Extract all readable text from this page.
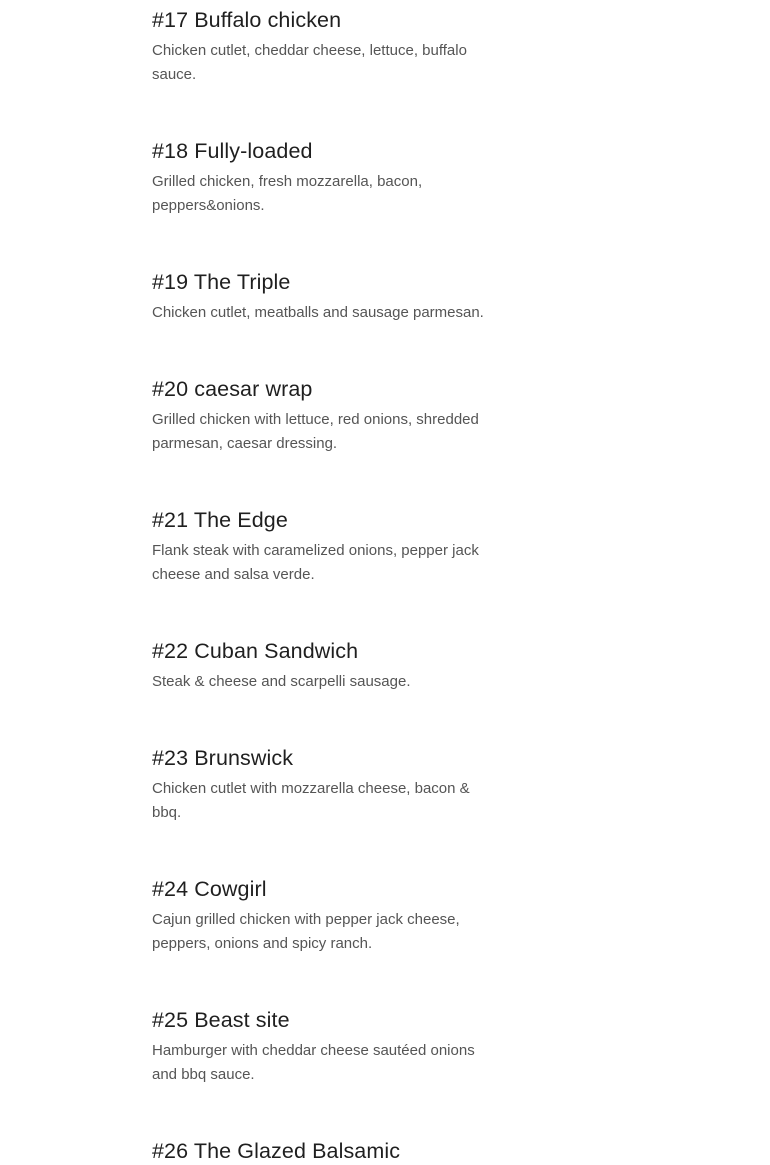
#17 Buffalo chicken

Chicken cutlet, cheddar cheese, lettuce, buffalo sauce.

#18 Fully-loaded

Grilled chicken, fresh mozzarella, bacon, peppers&onions.

#19 The Triple

Chicken cutlet, meatballs and sausage parmesan.

#20 caesar wrap

Grilled chicken with lettuce, red onions, shredded parmesan, caesar dressing.

#21 The Edge

Flank steak with caramelized onions, pepper jack cheese and salsa verde.

#22 Cuban Sandwich

Steak & cheese and scarpelli sausage.

#23 Brunswick

Chicken cutlet with mozzarella cheese, bacon & bbq.

#24 Cowgirl

Cajun grilled chicken with pepper jack cheese, peppers, onions and spicy ranch.

#25 Beast site

Hamburger with cheddar cheese sautéed onions and bbq sauce.

#26 The Glazed Balsamic
